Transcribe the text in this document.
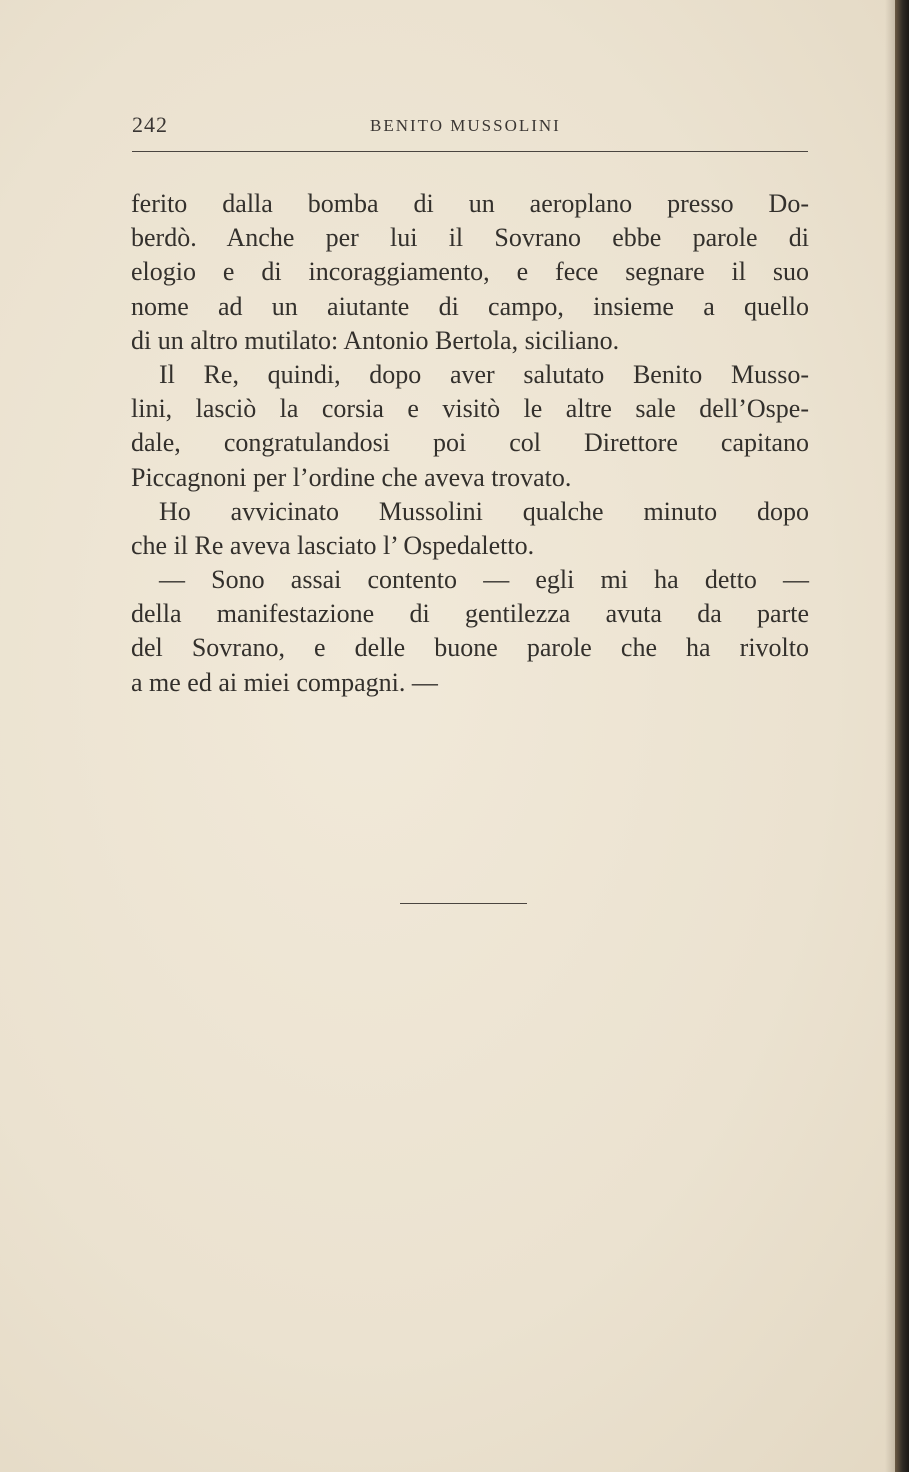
242	BENITO MUSSOLINI
ferito dalla bomba di un aeroplano presso Do-
berdò. Anche per lui il Sovrano ebbe parole di
elogio e di incoraggiamento, e fece segnare il suo
nome ad un aiutante di campo, insieme a quello
di un altro mutilato: Antonio Bertola, siciliano.
Il Re, quindi, dopo aver salutato Benito Musso-
lini, lasciò la corsia e visitò le altre sale dell’Ospe-
dale, congratulandosi poi col Direttore capitano
Piccagnoni per l’ordine che aveva trovato.
Ho avvicinato Mussolini qualche minuto dopo
che il Re aveva lasciato l’ Ospedaletto.
— Sono assai contento — egli mi ha detto —
della manifestazione di gentilezza avuta da parte
del Sovrano, e delle buone parole che ha rivolto
a me ed ai miei compagni. —
